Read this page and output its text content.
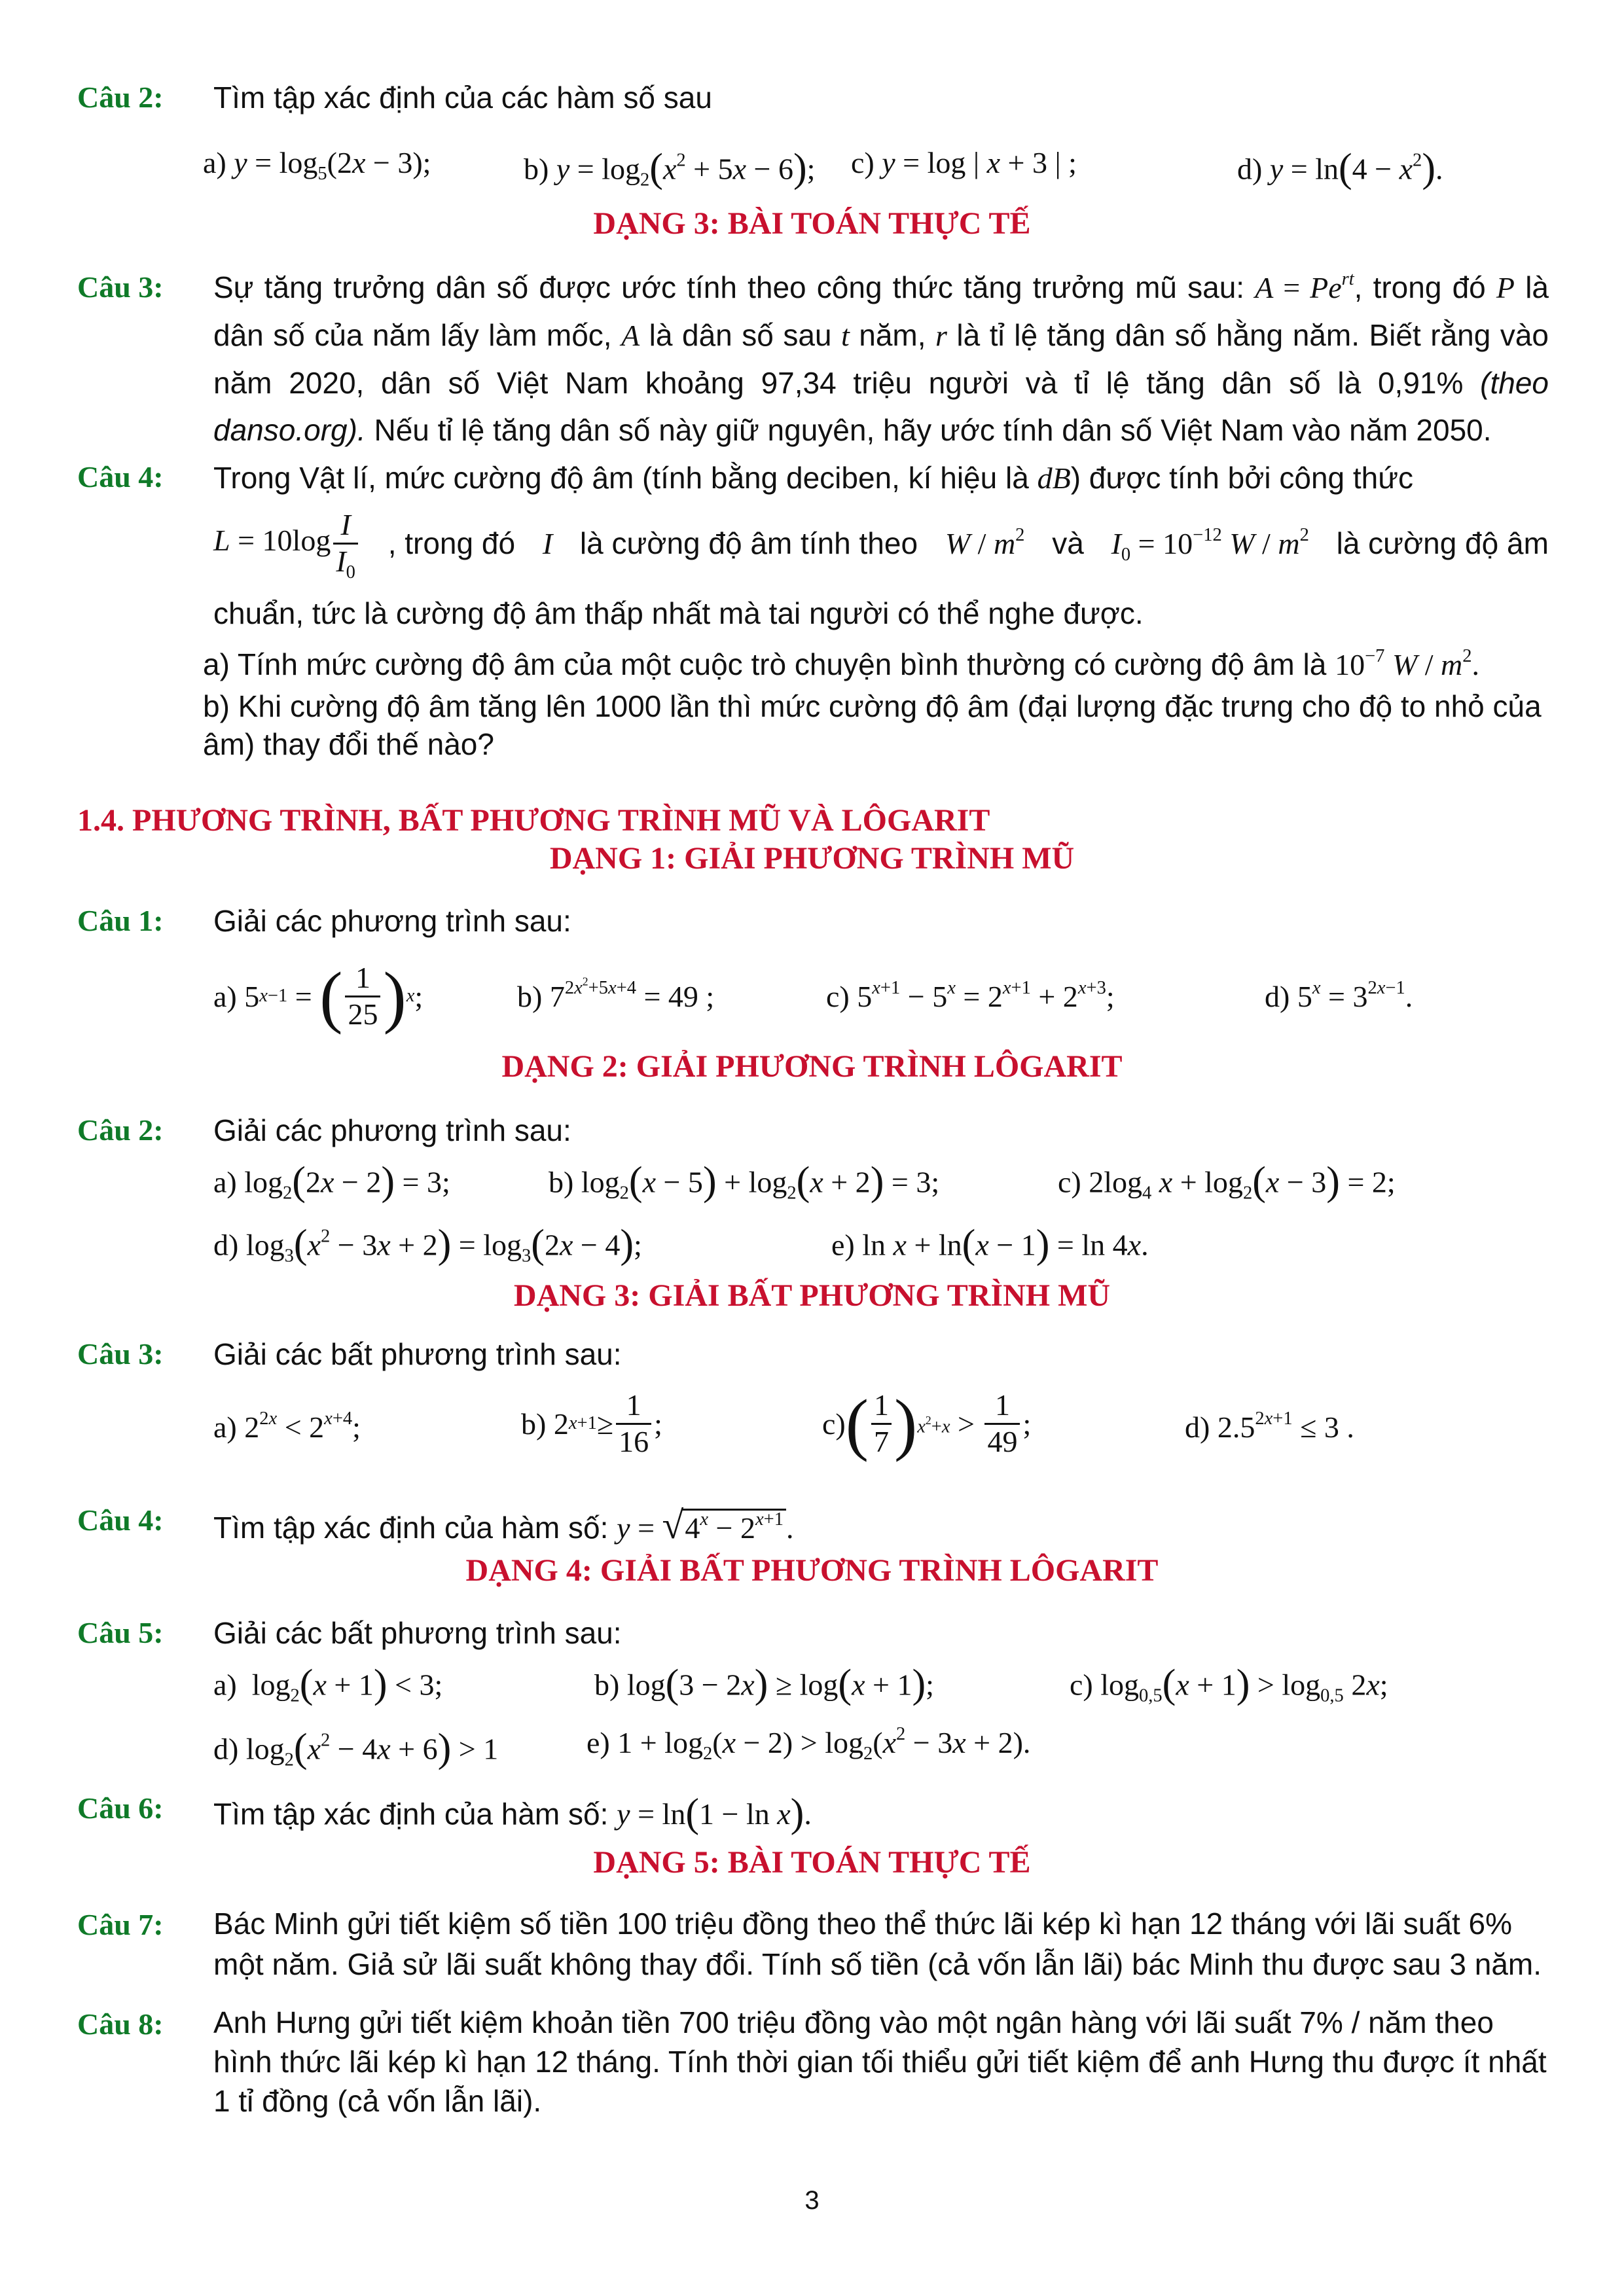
Câu 2: Tìm tập xác định của các hàm số sau
a) $y = \log_5(2x - 3)$;	b) $y = \log_2(x^2 + 5x - 6)$; c) y = log | x + 3 | ;	d) $y = \ln(4 - x^2)$.
DẠNG 3: BÀI TOÁN THỰC TẾ
Câu 3: Sự tăng trưởng dân số được ước tính theo công thức tăng trưởng mũ sau: $A = Pe^{rt}$, trong đó P là dân số của năm lấy làm mốc, A là dân số sau t năm, r là tỉ lệ tăng dân số hằng năm. Biết rằng vào năm 2020, dân số Việt Nam khoảng 97,34 triệu người và tỉ lệ tăng dân số là 0,91% (theo danso.org). Nếu tỉ lệ tăng dân số này giữ nguyên, hãy ước tính dân số Việt Nam vào năm 2050.
Câu 4: Trong Vật lí, mức cường độ âm (tính bằng deciben, kí hiệu là dB) được tính bởi công thức
$L = 10\log \frac{I}{I_0}$ , trong đó I là cường độ âm tính theo W / $m^2$ và $I_0 = 10^{-12}$ W / $m^2$ là cường độ âm
chuẩn, tức là cường độ âm thấp nhất mà tai người có thể nghe được.
a) Tính mức cường độ âm của một cuộc trò chuyện bình thường có cường độ âm là $10^{-7}$ W / $m^2$.
b) Khi cường độ âm tăng lên 1000 lần thì mức cường độ âm (đại lượng đặc trưng cho độ to nhỏ của âm) thay đổi thế nào?
1.4. PHƯƠNG TRÌNH, BẤT PHƯƠNG TRÌNH MŨ VÀ LÔGARIT
DẠNG 1: GIẢI PHƯƠNG TRÌNH MŨ
Câu 1: Giải các phương trình sau:
a) 5 x−1 = ( $\frac{1}{25}$ ) x ;	b) $7^{2x^2+5x+4} = 49$ ;	c) $5^{x+1} - 5^x = 2^{x+1} + 2^{x+3}$;	d) $5^x = 3^{2x-1}$.
DẠNG 2: GIẢI PHƯƠNG TRÌNH LÔGARIT
Câu 2: Giải các phương trình sau:
a) $\log_2(2x - 2) = 3$;	b) $\log_2(x - 5) + \log_2(x + 2) = 3$;	c) $2\log_4$ $x + \log_2(x - 3) = 2$;
d) $\log_3(x^2 - 3x + 2) = \log_3(2x - 4)$;	e) ln x + ln(x − 1) = ln 4x.
DẠNG 3: GIẢI BẤT PHƯƠNG TRÌNH MŨ
Câu 3: Giải các bất phương trình sau:
a) $2^{2x} < 2^{x+4}$;	b) 2 $x+1 \ge \frac{1}{16}$ ;	c) ( $\frac{1}{7}$ ) $x^2+x > \frac{1}{49}$ ;	d) $2.5^{2x+1} \le 3$ .
Câu 4: Tìm tập xác định của hàm số: $y = √4^x - 2^{x+1}$.
DẠNG 4: GIẢI BẤT PHƯƠNG TRÌNH LÔGARIT
Câu 5: Giải các bất phương trình sau:
a)  $\log_2(x + 1) < 3$;	b) log(3 − 2x) ≥ log(x + 1);	c) $\log_{0,5}(x + 1) > \log_{0,5} 2x$;
d) $\log_2(x^2 - 4x + 6) > 1$	e) $1 + \log_2(x - 2) > \log_2(x^2 - 3x + 2)$.
Câu 6: Tìm tập xác định của hàm số: y = ln(1 − ln x).
DẠNG 5: BÀI TOÁN THỰC TẾ
Câu 7: Bác Minh gửi tiết kiệm số tiền 100 triệu đồng theo thể thức lãi kép kì hạn 12 tháng với lãi suất 6% một năm. Giả sử lãi suất không thay đổi. Tính số tiền (cả vốn lẫn lãi) bác Minh thu được sau 3 năm.
Câu 8: Anh Hưng gửi tiết kiệm khoản tiền 700 triệu đồng vào một ngân hàng với lãi suất 7% / năm theo hình thức lãi kép kì hạn 12 tháng. Tính thời gian tối thiểu gửi tiết kiệm để anh Hưng thu được ít nhất 1 tỉ đồng (cả vốn lẫn lãi).
3
